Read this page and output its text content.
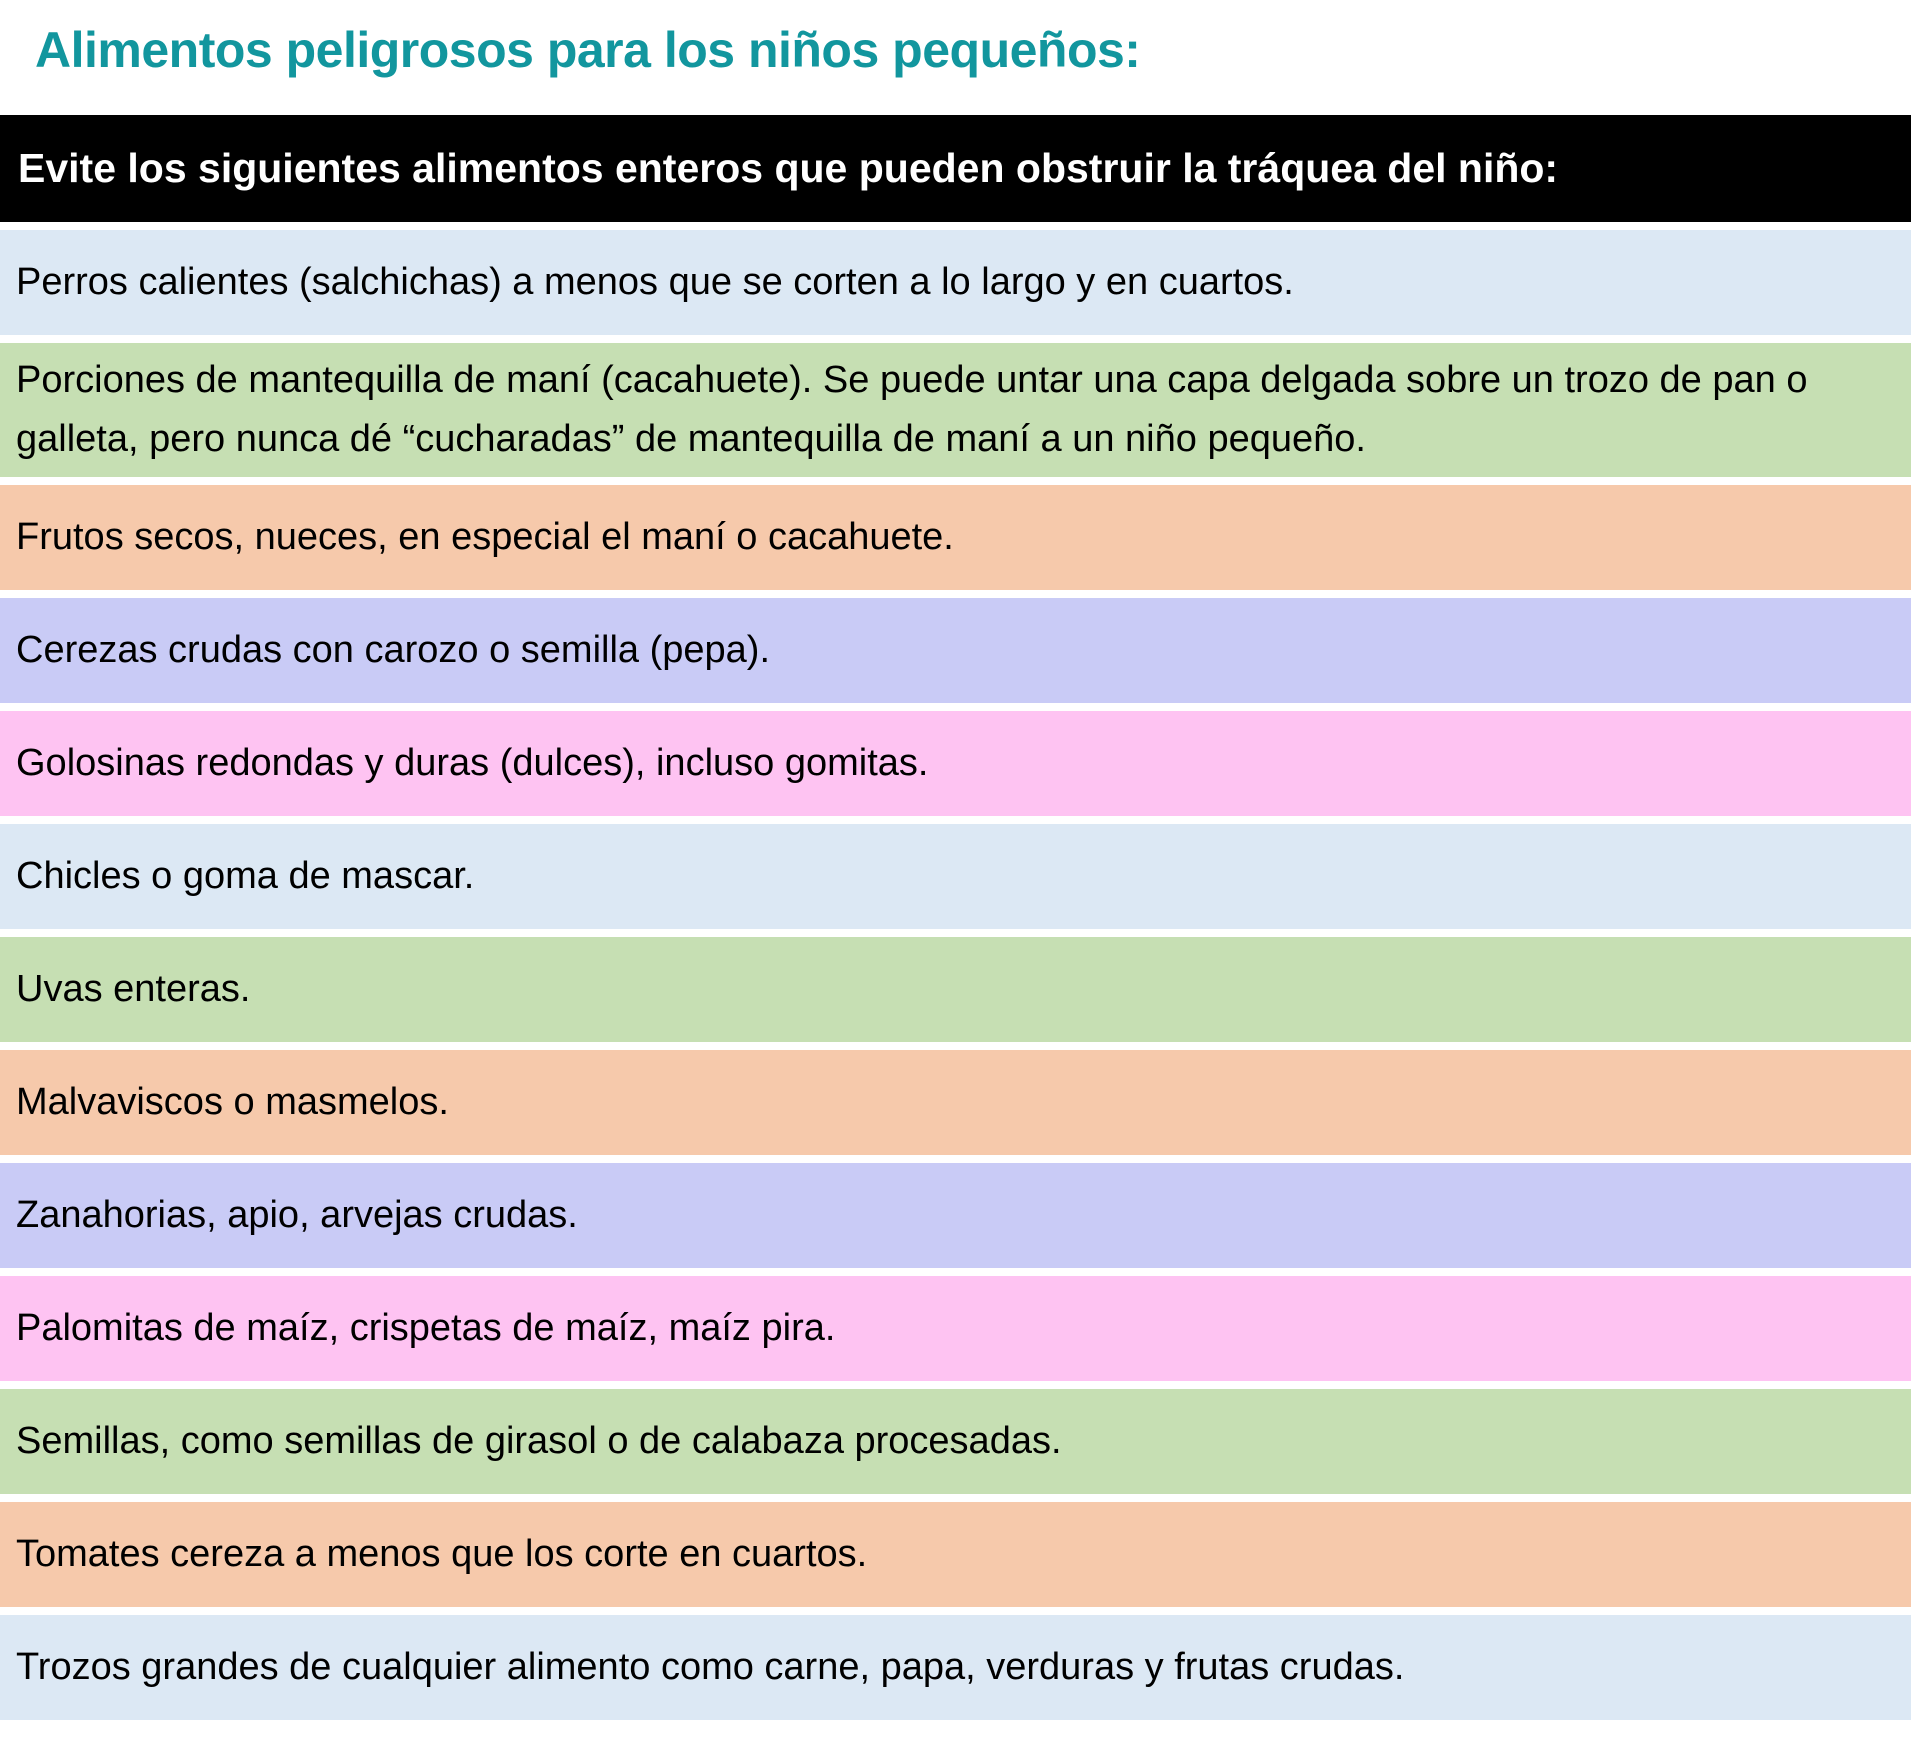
Alimentos peligrosos para los niños pequeños:
Evite los siguientes alimentos enteros que pueden obstruir la tráquea del niño:
Perros calientes (salchichas) a menos que se corten a lo largo y en cuartos.
Porciones de mantequilla de maní (cacahuete). Se puede untar una capa delgada sobre un trozo de pan o galleta, pero nunca dé “cucharadas” de mantequilla de maní a un niño pequeño.
Frutos secos, nueces, en especial el maní o cacahuete.
Cerezas crudas con carozo o semilla (pepa).
Golosinas redondas y duras (dulces), incluso gomitas.
Chicles o goma de mascar.
Uvas enteras.
Malvaviscos o masmelos.
Zanahorias, apio, arvejas crudas.
Palomitas de maíz, crispetas de maíz, maíz pira.
Semillas, como semillas de girasol o de calabaza procesadas.
Tomates cereza a menos que los corte en cuartos.
Trozos grandes de cualquier alimento como carne, papa, verduras y frutas crudas.
